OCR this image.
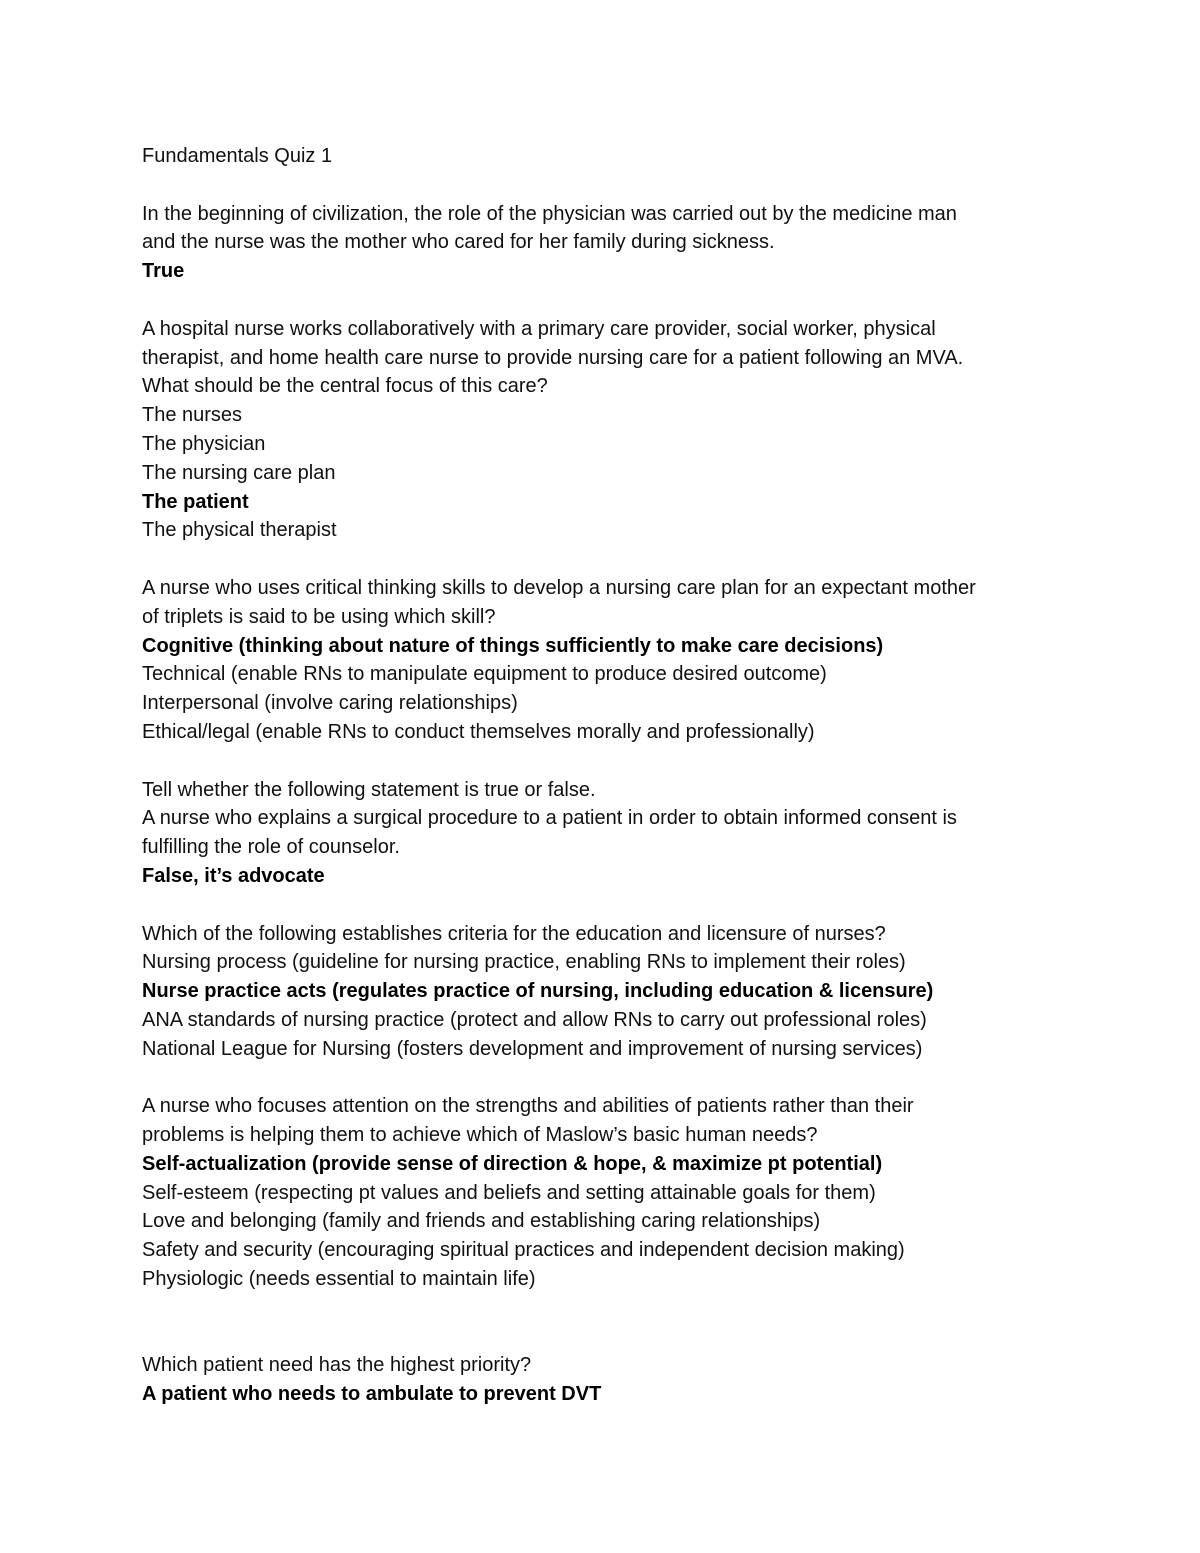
Fundamentals Quiz 1
In the beginning of civilization, the role of the physician was carried out by the medicine man
and the nurse was the mother who cared for her family during sickness.
True
A hospital nurse works collaboratively with a primary care provider, social worker, physical
therapist, and home health care nurse to provide nursing care for a patient following an MVA.
What should be the central focus of this care?
The nurses
The physician
The nursing care plan
The patient
The physical therapist
A nurse who uses critical thinking skills to develop a nursing care plan for an expectant mother
of triplets is said to be using which skill?
Cognitive (thinking about nature of things sufficiently to make care decisions)
Technical (enable RNs to manipulate equipment to produce desired outcome)
Interpersonal (involve caring relationships)
Ethical/legal (enable RNs to conduct themselves morally and professionally)
Tell whether the following statement is true or false.
A nurse who explains a surgical procedure to a patient in order to obtain informed consent is
fulfilling the role of counselor.
False, it’s advocate
Which of the following establishes criteria for the education and licensure of nurses?
Nursing process (guideline for nursing practice, enabling RNs to implement their roles)
Nurse practice acts (regulates practice of nursing, including education & licensure)
ANA standards of nursing practice (protect and allow RNs to carry out professional roles)
National League for Nursing (fosters development and improvement of nursing services)
A nurse who focuses attention on the strengths and abilities of patients rather than their
problems is helping them to achieve which of Maslow’s basic human needs?
Self-actualization (provide sense of direction & hope, & maximize pt potential)
Self-esteem (respecting pt values and beliefs and setting attainable goals for them)
Love and belonging (family and friends and establishing caring relationships)
Safety and security (encouraging spiritual practices and independent decision making)
Physiologic (needs essential to maintain life)
Which patient need has the highest priority?
A patient who needs to ambulate to prevent DVT
